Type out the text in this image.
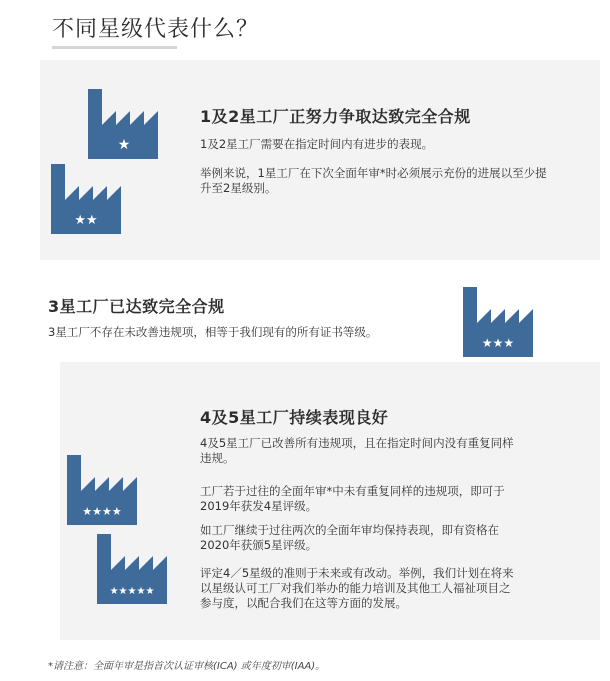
不同星级代表什么？
★
★★
1及2星工厂正努力争取达致完全合规
1及2星工厂需要在指定时间内有进步的表现。
举例来说，1星工厂在下次全面年审*时必须展示充份的进展以至少提升至2星级别。
3星工厂已达致完全合规
3星工厂不存在未改善违规项，相等于我们现有的所有证书等级。
★★★
4及5星工厂持续表现良好
4及5星工厂已改善所有违规项，且在指定时间内没有重复同样违规。
工厂若于过往的全面年审*中未有重复同样的违规项，即可于2019年获发4星评级。
如工厂继续于过往两次的全面年审均保持表现，即有资格在2020年获颁5星评级。
评定4／5星级的准则于未来或有改动。举例，我们计划在将来以星级认可工厂对我们举办的能力培训及其他工人福祉项目之参与度，以配合我们在这等方面的发展。
★★★★
★★★★★
*请注意：全面年审是指首次认证审核(ICA) 或年度初审(IAA)。
